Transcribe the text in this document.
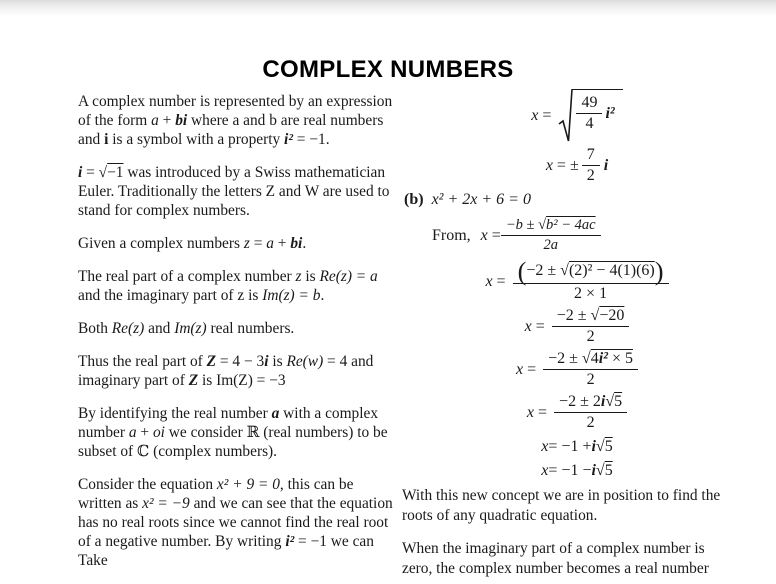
COMPLEX NUMBERS

A complex number is represented by an expression of the form a + bi where a and b are real numbers and i is a symbol with a property i² = −1.

i = √−1 was introduced by a Swiss mathematician Euler. Traditionally the letters Z and W are used to stand for complex numbers.

Given a complex numbers z = a + bi.

The real part of a complex number z is Re(z) = a and the imaginary part of z is Im(z) = b.

Both Re(z) and Im(z) real numbers.

Thus the real part of Z = 4 − 3i is Re(w) = 4 and imaginary part of Z is Im(Z) = −3

By identifying the real number a with a complex number a + oi we consider ℝ (real numbers) to be subset of ℂ (complex numbers).

Consider the equation x² + 9 = 0, this can be written as x² = −9 and we can see that the equation has no real roots since we cannot find the real root of a negative number. By writing i² = −1 we can Take

$x = \frac{49}{4} i^2$
x = ± $\frac{7}{2}$ i
(b) x² + 2x + 6 = 0
From, $x = \frac{\text{−b ± √b² − 4ac}}{2a}$
$x = \frac{\text{(−2 ± √(2)² − 4(1)(6))}}{2 \times 1}$
$x = \frac{-2 \pm √-20}{2}$
$x = \frac{\text{−2 ± √4i² × 5}}{2}$
$x = \frac{-2 \pm 2i√5}{2}$
x = −1 + i √ 5
x = −1 − i √ 5

With this new concept we are in position to find the roots of any quadratic equation.

When the imaginary part of a complex number is zero, the complex number becomes a real number
